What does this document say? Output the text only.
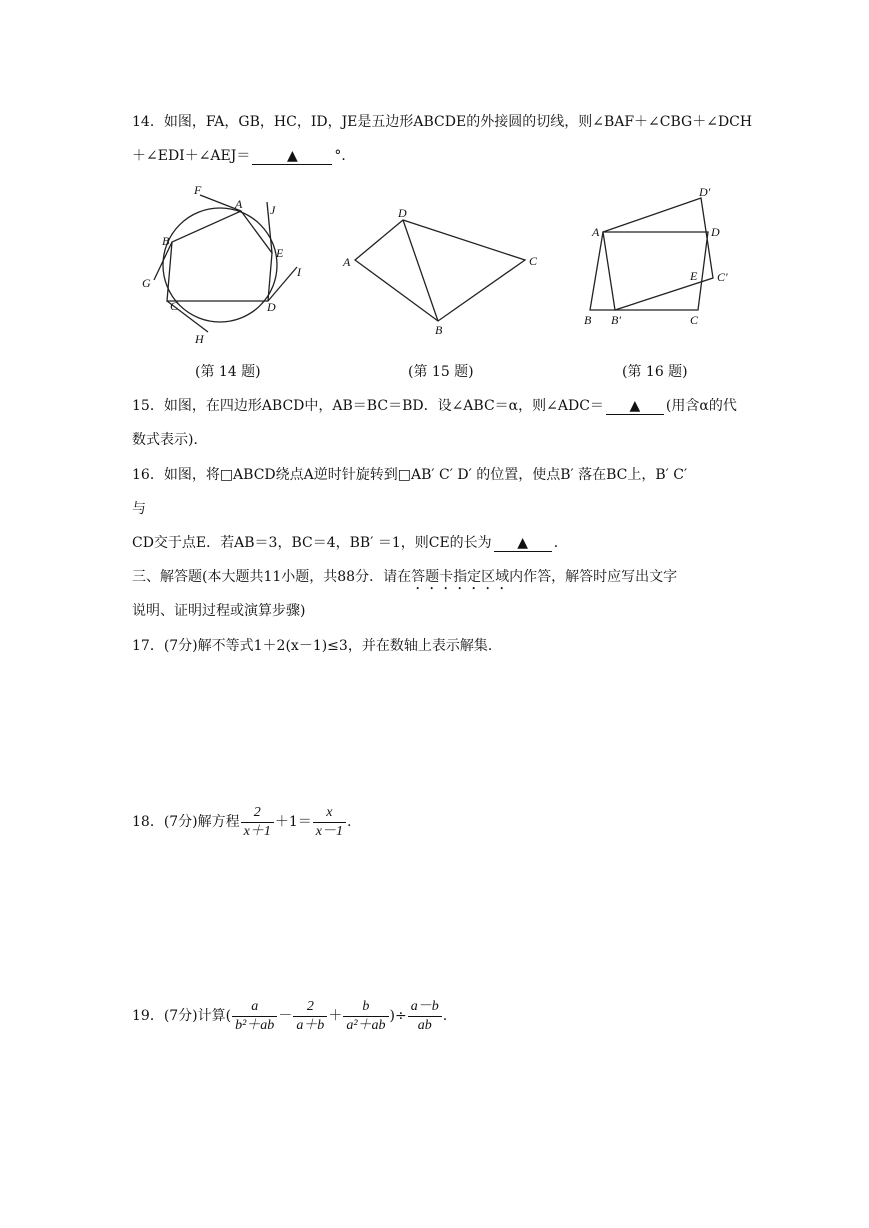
14．如图，FA，GB，HC，ID，JE是五边形ABCDE的外接圆的切线，则∠BAF＋∠CBG＋∠DCH
＋∠EDI＋∠AEJ＝	▲	°．
F
A J
B
E
G
I
C	D
H
D
A	C
B
D′
A	D
E C′
B B′	C
(第 14 题)	(第 15 题)	(第 16 题)
15．如图，在四边形ABCD中，AB＝BC＝BD．设∠ABC＝α，则∠ADC＝ ▲ (用含α的代
数式表示)．
16．如图，将□ABCD绕点A逆时针旋转到□AB′ C′ D′ 的位置，使点B′ 落在BC上，B′ C′
与
CD交于点E．若AB＝3，BC＝4，BB′ ＝1，则CE的长为 ▲ ．
三、解答题(本大题共11小题，共88分．请在答题卡指定区域内作答，解答时应写出文字
说明、证明过程或演算步骤)
17．(7分)解不等式1＋2(x－1)≤3，并在数轴上表示解集．
18．(7分)解方程 $\frac{2}{x+1} +1= \frac{x}{x-1}$ .
19．(7分)计算( $\frac{a}{\text{b²＋ab}} - \frac{2}{a+b} + \frac{b}{\text{a²＋ab}}$ )÷ $\frac{a-b}{ab}$ .
